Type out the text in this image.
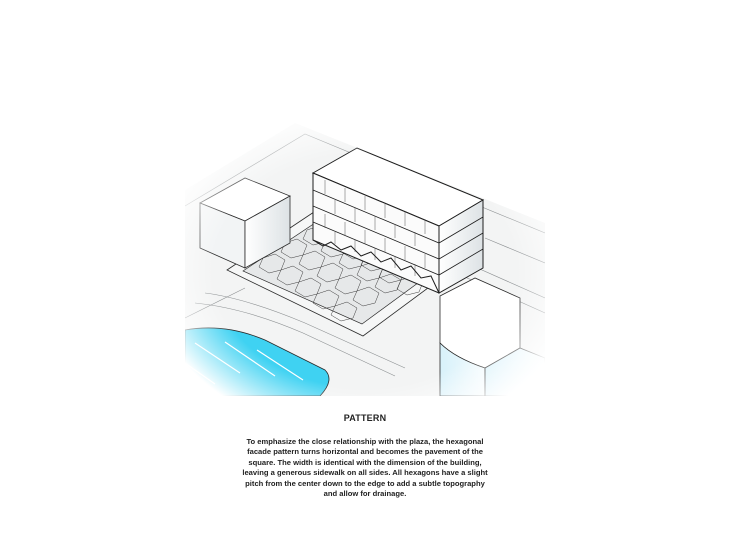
PATTERN
To emphasize the close relationship with the plaza, the hexagonal
facade pattern turns horizontal and becomes the pavement of the
square. The width is identical with the dimension of the building,
leaving a generous sidewalk on all sides. All hexagons have a slight
pitch from the center down to the edge to add a subtle topography
and allow for drainage.
